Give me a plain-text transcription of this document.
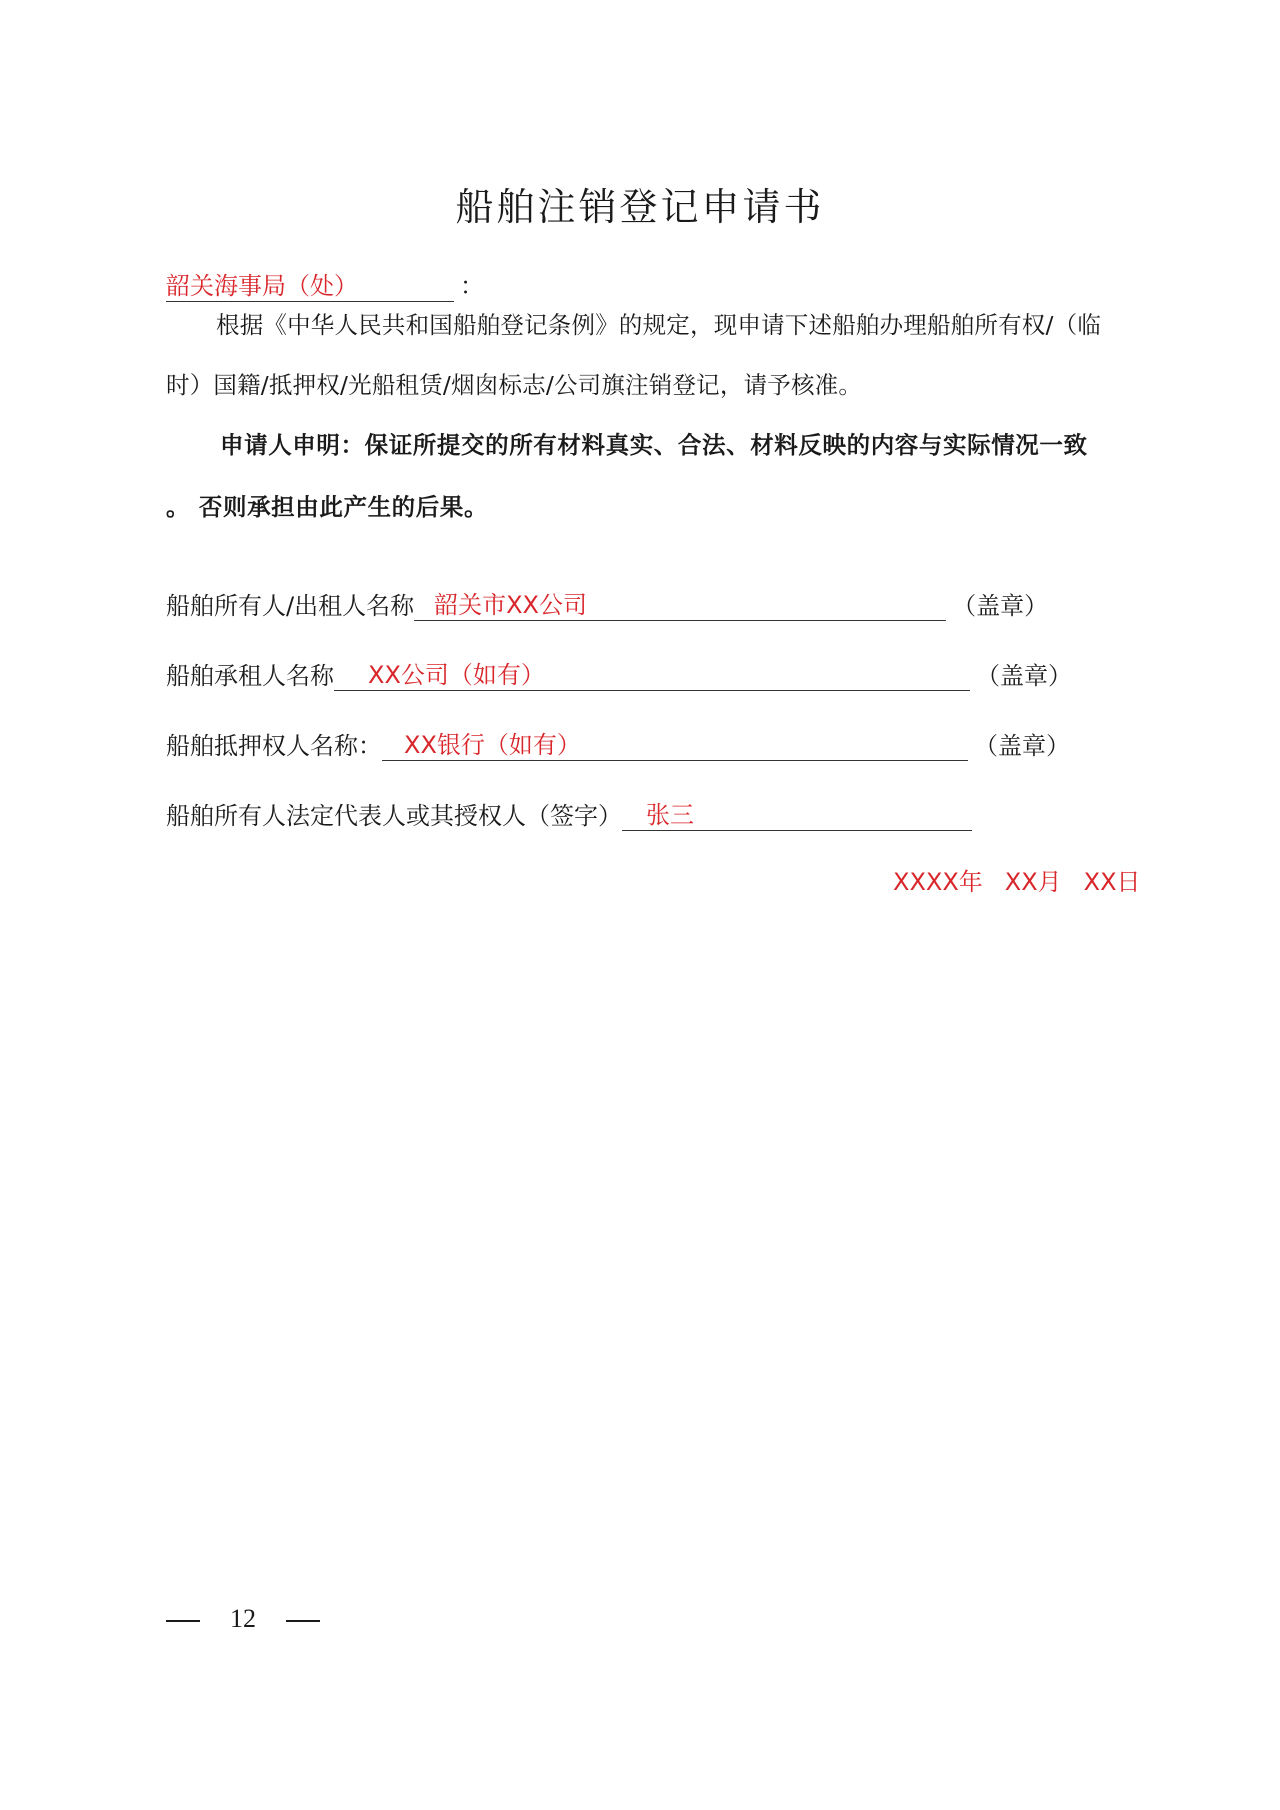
船舶注销登记申请书
韶关海事局（处）	：
根据《中华人民共和国船舶登记条例》的规定，现申请下述船舶办理船舶所有权/（临
时）国籍/抵押权/光船租赁/烟囱标志/公司旗注销登记，请予核准。
申请人申明：保证所提交的所有材料真实、合法、材料反映的内容与实际情况一致
。 否则承担由此产生的后果。
船舶所有人/出租人名称 韶关市XX公司	（盖章）
船舶承租人名称 XX公司（如有）	（盖章）
船舶抵押权人名称： XX银行（如有）	（盖章）
船舶所有人法定代表人或其授权人（签字） 张三
XXXX年 XX月 XX日
12
